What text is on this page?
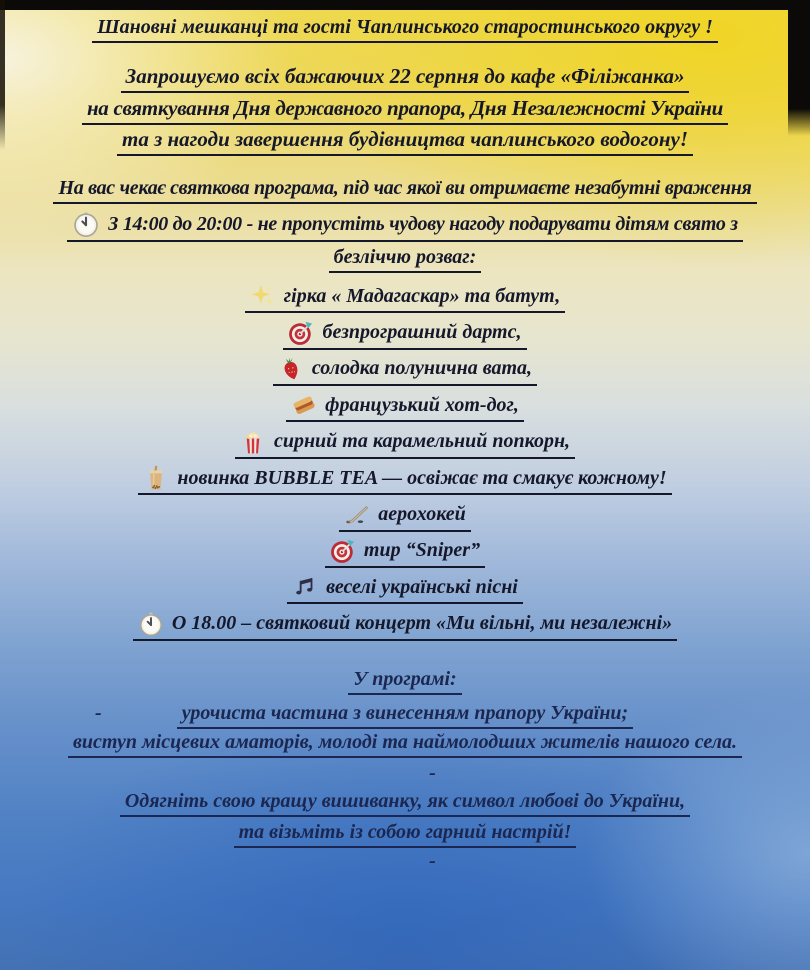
Шановні мешканці та гості Чаплинського старостинського округу !
Запрошуємо всіх бажаючих 22 серпня до кафе «Філіжанка»
на святкування Дня державного прапора, Дня Незалежності України
та з нагоди завершення будівництва чаплинського водогону!
На вас чекає святкова програма, під час якої ви отримаєте незабутні враження
З 14:00 до 20:00 - не пропустіть чудову нагоду подарувати дітям свято з
безліччю розваг:
гірка « Мадагаскар» та батут,
безпрограшний дартс,
солодка полунична вата,
французький хот-дог,
сирний та карамельний попкорн,
новинка BUBBLE TEA — освіжає та смакує кожному!
аерохокей
тир “Sniper”
веселі українські пісні
О 18.00 – святковий концерт «Ми вільні, ми незалежні»
У програмі:
-	урочиста частина з винесенням прапору України;
виступ місцевих аматорів, молоді та наймолодших жителів нашого села.
-
Одягніть свою кращу вишиванку, як символ любові до України,
та візьміть із собою гарний настрій!
-
